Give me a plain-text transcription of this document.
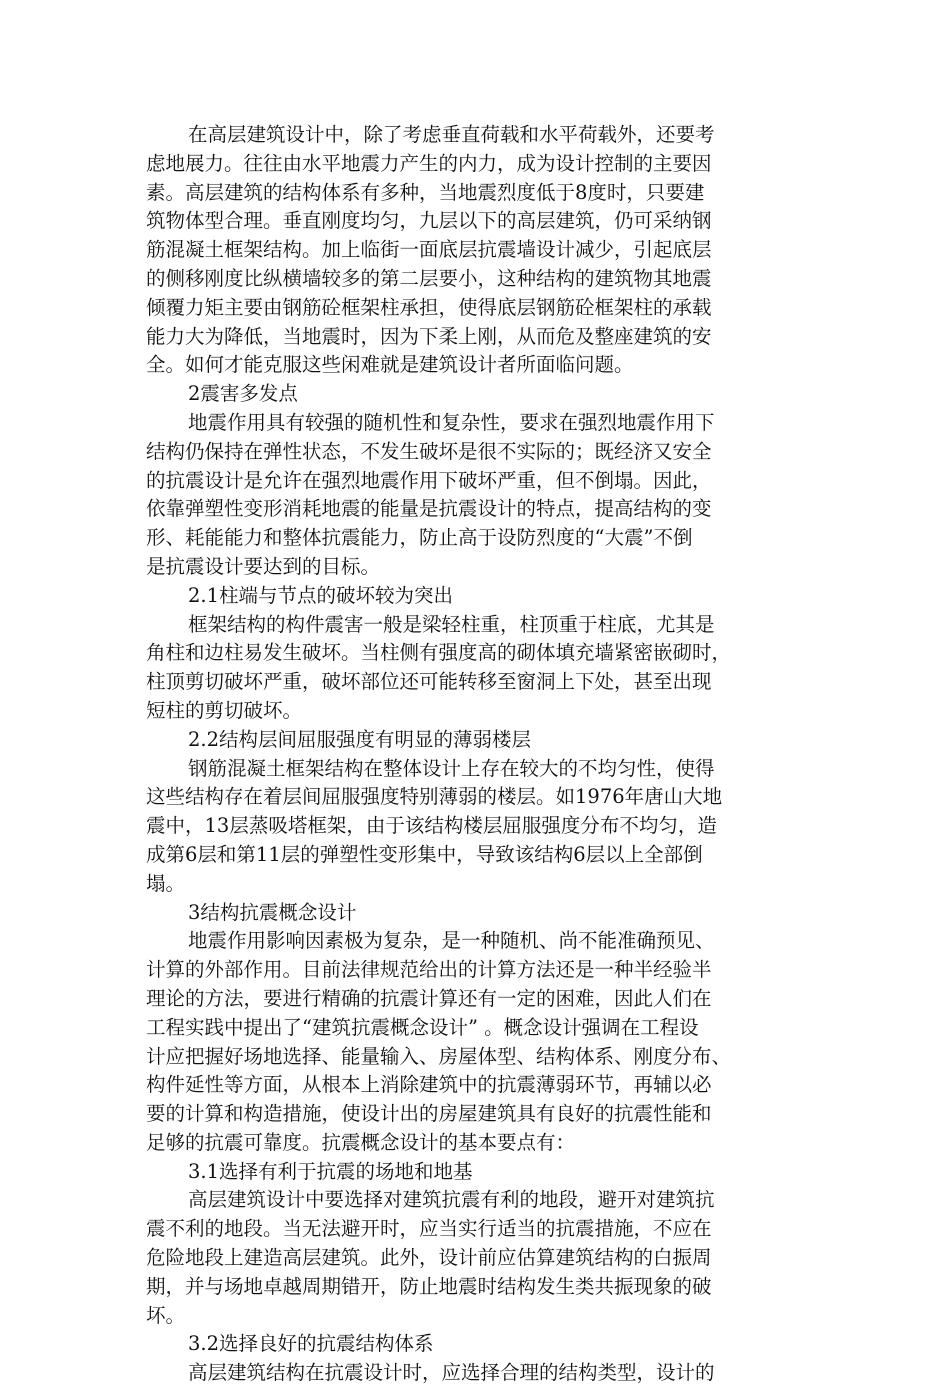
在高层建筑设计中，除了考虑垂直荷载和水平荷载外，还要考
虑地展力。往往由水平地震力产生的内力，成为设计控制的主要因
素。高层建筑的结构体系有多种，当地震烈度低于8度时，只要建
筑物体型合理。垂直刚度均匀，九层以下的高层建筑，仍可采纳钢
筋混凝土框架结构。加上临街一面底层抗震墙设计减少，引起底层
的侧移刚度比纵横墙较多的第二层要小，这种结构的建筑物其地震
倾覆力矩主要由钢筋砼框架柱承担，使得底层钢筋砼框架柱的承载
能力大为降低，当地震时，因为下柔上刚，从而危及整座建筑的安
全。如何才能克服这些闲难就是建筑设计者所面临问题。
2震害多发点
地震作用具有较强的随机性和复杂性，要求在强烈地震作用下
结构仍保持在弹性状态，不发生破坏是很不实际的；既经济又安全
的抗震设计是允许在强烈地震作用下破坏严重，但不倒塌。因此，
依靠弹塑性变形消耗地震的能量是抗震设计的特点，提高结构的变
形、耗能能力和整体抗震能力，防止高于设防烈度的“大震”不倒
是抗震设计要达到的目标。
2.1柱端与节点的破坏较为突出
框架结构的构件震害一般是梁轻柱重，柱顶重于柱底，尤其是
角柱和边柱易发生破坏。当柱侧有强度高的砌体填充墙紧密嵌砌时，
柱顶剪切破坏严重，破坏部位还可能转移至窗洞上下处，甚至出现
短柱的剪切破坏。
2.2结构层间屈服强度有明显的薄弱楼层
钢筋混凝土框架结构在整体设计上存在较大的不均匀性，使得
这些结构存在着层间屈服强度特别薄弱的楼层。如1976年唐山大地
震中，13层蒸吸塔框架，由于该结构楼层屈服强度分布不均匀，造
成第6层和第11层的弹塑性变形集中，导致该结构6层以上全部倒
塌。
3结构抗震概念设计
地震作用影响因素极为复杂，是一种随机、尚不能准确预见、
计算的外部作用。目前法律规范给出的计算方法还是一种半经验半
理论的方法，要进行精确的抗震计算还有一定的困难，因此人们在
工程实践中提出了“建筑抗震概念设计” 。概念设计强调在工程设
计应把握好场地选择、能量输入、房屋体型、结构体系、刚度分布、
构件延性等方面，从根本上消除建筑中的抗震薄弱环节，再辅以必
要的计算和构造措施，使设计出的房屋建筑具有良好的抗震性能和
足够的抗震可靠度。抗震概念设计的基本要点有：
3.1选择有利于抗震的场地和地基
高层建筑设计中要选择对建筑抗震有利的地段，避开对建筑抗
震不利的地段。当无法避开时，应当实行适当的抗震措施，不应在
危险地段上建造高层建筑。此外，设计前应估算建筑结构的白振周
期，并与场地卓越周期错开，防止地震时结构发生类共振现象的破
坏。
3.2选择良好的抗震结构体系
高层建筑结构在抗震设计时，应选择合理的结构类型，设计的
